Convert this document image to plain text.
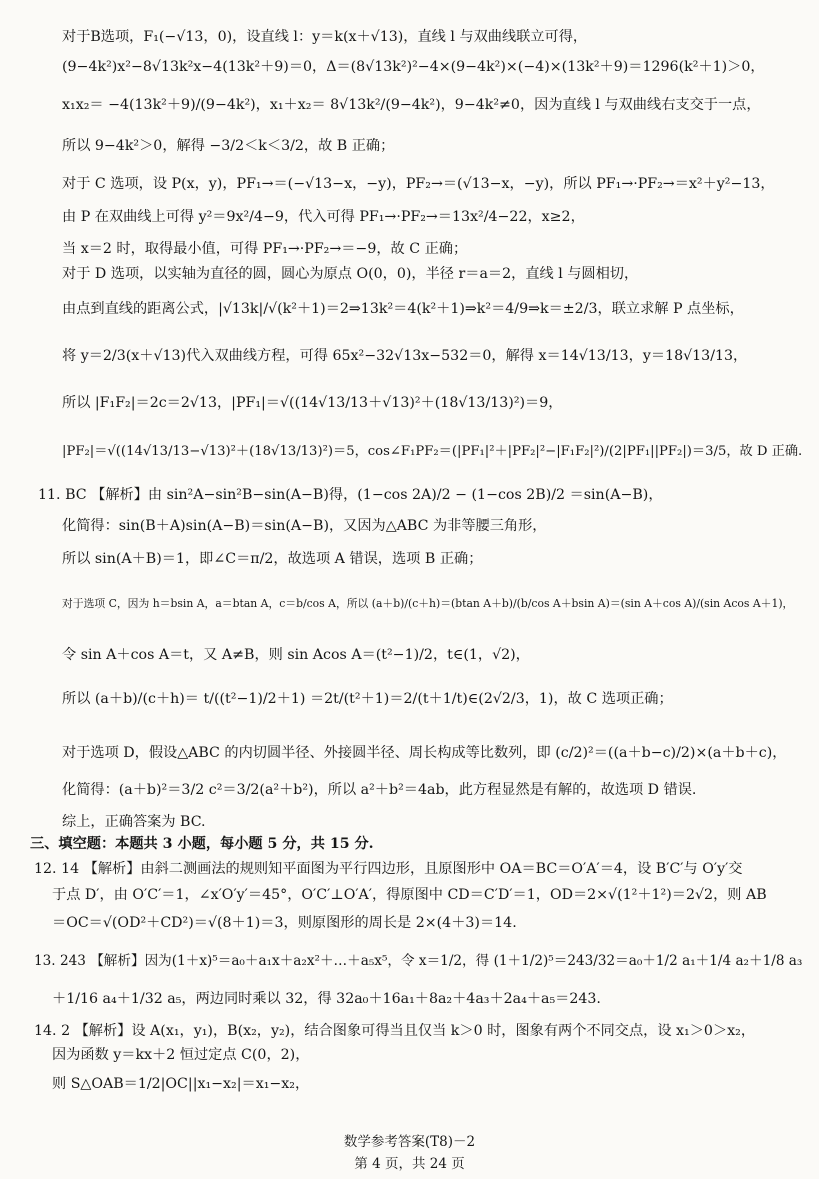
对于B选项，F₁(−√13，0)，设直线 l：y＝k(x＋√13)，直线 l 与双曲线联立可得，
(9−4k²)x²−8√13k²x−4(13k²＋9)＝0，Δ＝(8√13k²)²−4×(9−4k²)×(−4)×(13k²＋9)＝1296(k²＋1)＞0，
x₁x₂＝ −4(13k²＋9)/(9−4k²)，x₁＋x₂＝ 8√13k²/(9−4k²)，9−4k²≠0，因为直线 l 与双曲线右支交于一点，
所以 9−4k²＞0，解得 −3/2＜k＜3/2，故 B 正确；
对于 C 选项，设 P(x，y)，PF₁→＝(−√13−x，−y)，PF₂→＝(√13−x，−y)，所以 PF₁→·PF₂→＝x²＋y²−13，
由 P 在双曲线上可得 y²＝9x²/4−9，代入可得 PF₁→·PF₂→＝13x²/4−22，x≥2，
当 x＝2 时，取得最小值，可得 PF₁→·PF₂→＝−9，故 C 正确；
对于 D 选项，以实轴为直径的圆，圆心为原点 O(0，0)，半径 r＝a＝2，直线 l 与圆相切，
由点到直线的距离公式，|√13k|/√(k²＋1)＝2⇒13k²＝4(k²＋1)⇒k²＝4/9⇒k＝±2/3，联立求解 P 点坐标，
将 y＝2/3(x＋√13)代入双曲线方程，可得 65x²−32√13x−532＝0，解得 x＝14√13/13，y＝18√13/13，
所以 |F₁F₂|＝2c＝2√13，|PF₁|＝√((14√13/13＋√13)²＋(18√13/13)²)＝9，
|PF₂|＝√((14√13/13−√13)²＋(18√13/13)²)＝5，cos∠F₁PF₂＝(|PF₁|²＋|PF₂|²−|F₁F₂|²)/(2|PF₁||PF₂|)＝3/5，故 D 正确.
11. BC 【解析】由 sin²A−sin²B−sin(A−B)得，(1−cos 2A)/2 − (1−cos 2B)/2 ＝sin(A−B)，
化简得：sin(B＋A)sin(A−B)＝sin(A−B)，又因为△ABC 为非等腰三角形，
所以 sin(A＋B)＝1，即∠C＝π/2，故选项 A 错误，选项 B 正确；
对于选项 C，因为 h＝bsin A，a＝btan A，c＝b/cos A，所以 (a＋b)/(c＋h)＝(btan A＋b)/(b/cos A＋bsin A)＝(sin A＋cos A)/(sin Acos A＋1)，
令 sin A＋cos A＝t，又 A≠B，则 sin Acos A＝(t²−1)/2，t∈(1，√2)，
所以 (a＋b)/(c＋h)＝ t/((t²−1)/2＋1) ＝2t/(t²＋1)＝2/(t＋1/t)∈(2√2/3，1)，故 C 选项正确；
对于选项 D，假设△ABC 的内切圆半径、外接圆半径、周长构成等比数列，即 (c/2)²＝((a＋b−c)/2)×(a＋b＋c)，
化简得：(a＋b)²＝3/2 c²＝3/2(a²＋b²)，所以 a²＋b²＝4ab，此方程显然是有解的，故选项 D 错误.
综上，正确答案为 BC.
三、填空题：本题共 3 小题，每小题 5 分，共 15 分.
12. 14 【解析】由斜二测画法的规则知平面图为平行四边形，且原图形中 OA＝BC＝O′A′＝4，设 B′C′与 O′y′交
于点 D′，由 O′C′＝1，∠x′O′y′＝45°，O′C′⊥O′A′，得原图中 CD＝C′D′＝1，OD＝2×√(1²＋1²)＝2√2，则 AB
＝OC＝√(OD²＋CD²)＝√(8＋1)＝3，则原图形的周长是 2×(4＋3)＝14.
13. 243 【解析】因为(1＋x)⁵＝a₀＋a₁x＋a₂x²＋…＋a₅x⁵，令 x＝1/2，得 (1＋1/2)⁵＝243/32＝a₀＋1/2 a₁＋1/4 a₂＋1/8 a₃
＋1/16 a₄＋1/32 a₅，两边同时乘以 32，得 32a₀＋16a₁＋8a₂＋4a₃＋2a₄＋a₅＝243.
14. 2 【解析】设 A(x₁，y₁)，B(x₂，y₂)，结合图象可得当且仅当 k＞0 时，图象有两个不同交点，设 x₁＞0＞x₂，
因为函数 y＝kx＋2 恒过定点 C(0，2)，
则 S△OAB＝1/2|OC||x₁−x₂|＝x₁−x₂，
数学参考答案(T8)－2
第 4 页，共 24 页
